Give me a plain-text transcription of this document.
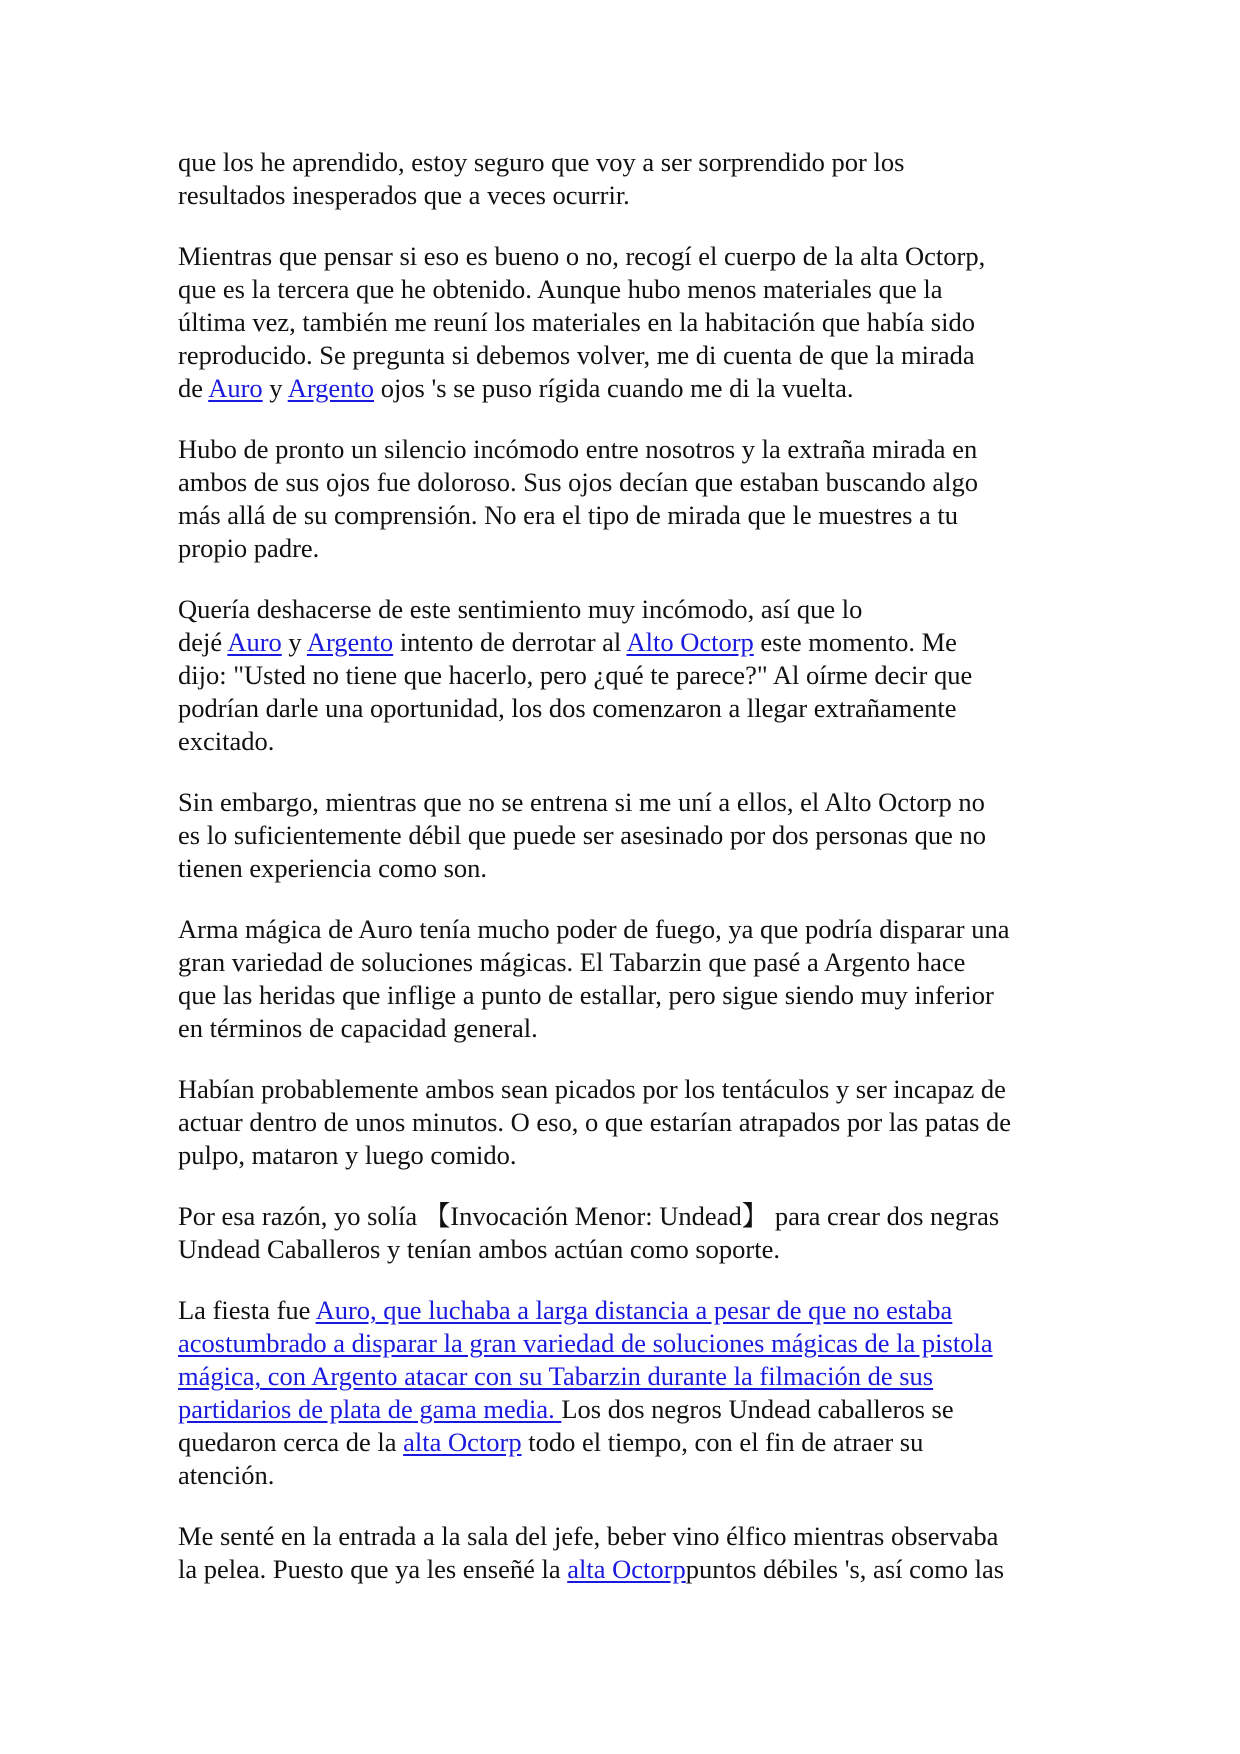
que los he aprendido, estoy seguro que voy a ser sorprendido por los
resultados inesperados que a veces ocurrir.
Mientras que pensar si eso es bueno o no, recogí el cuerpo de la alta Octorp,
que es la tercera que he obtenido. Aunque hubo menos materiales que la
última vez, también me reuní los materiales en la habitación que había sido
reproducido. Se pregunta si debemos volver, me di cuenta de que la mirada
de Auro y Argento ojos 's se puso rígida cuando me di la vuelta.
Hubo de pronto un silencio incómodo entre nosotros y la extraña mirada en
ambos de sus ojos fue doloroso. Sus ojos decían que estaban buscando algo
más allá de su comprensión. No era el tipo de mirada que le muestres a tu
propio padre.
Quería deshacerse de este sentimiento muy incómodo, así que lo
dejé Auro y Argento intento de derrotar al Alto Octorp este momento. Me
dijo: "Usted no tiene que hacerlo, pero ¿qué te parece?" Al oírme decir que
podrían darle una oportunidad, los dos comenzaron a llegar extrañamente
excitado.
Sin embargo, mientras que no se entrena si me uní a ellos, el Alto Octorp no
es lo suficientemente débil que puede ser asesinado por dos personas que no
tienen experiencia como son.
Arma mágica de Auro tenía mucho poder de fuego, ya que podría disparar una
gran variedad de soluciones mágicas. El Tabarzin que pasé a Argento hace
que las heridas que inflige a punto de estallar, pero sigue siendo muy inferior
en términos de capacidad general.
Habían probablemente ambos sean picados por los tentáculos y ser incapaz de
actuar dentro de unos minutos. O eso, o que estarían atrapados por las patas de
pulpo, mataron y luego comido.
Por esa razón, yo solía 【Invocación Menor: Undead】 para crear dos negras
Undead Caballeros y tenían ambos actúan como soporte.
La fiesta fue Auro, que luchaba a larga distancia a pesar de que no estaba
acostumbrado a disparar la gran variedad de soluciones mágicas de la pistola
mágica, con Argento atacar con su Tabarzin durante la filmación de sus
partidarios de plata de gama media. Los dos negros Undead caballeros se
quedaron cerca de la alta Octorp todo el tiempo, con el fin de atraer su
atención.
Me senté en la entrada a la sala del jefe, beber vino élfico mientras observaba
la pelea. Puesto que ya les enseñé la alta Octorppuntos débiles 's, así como las
